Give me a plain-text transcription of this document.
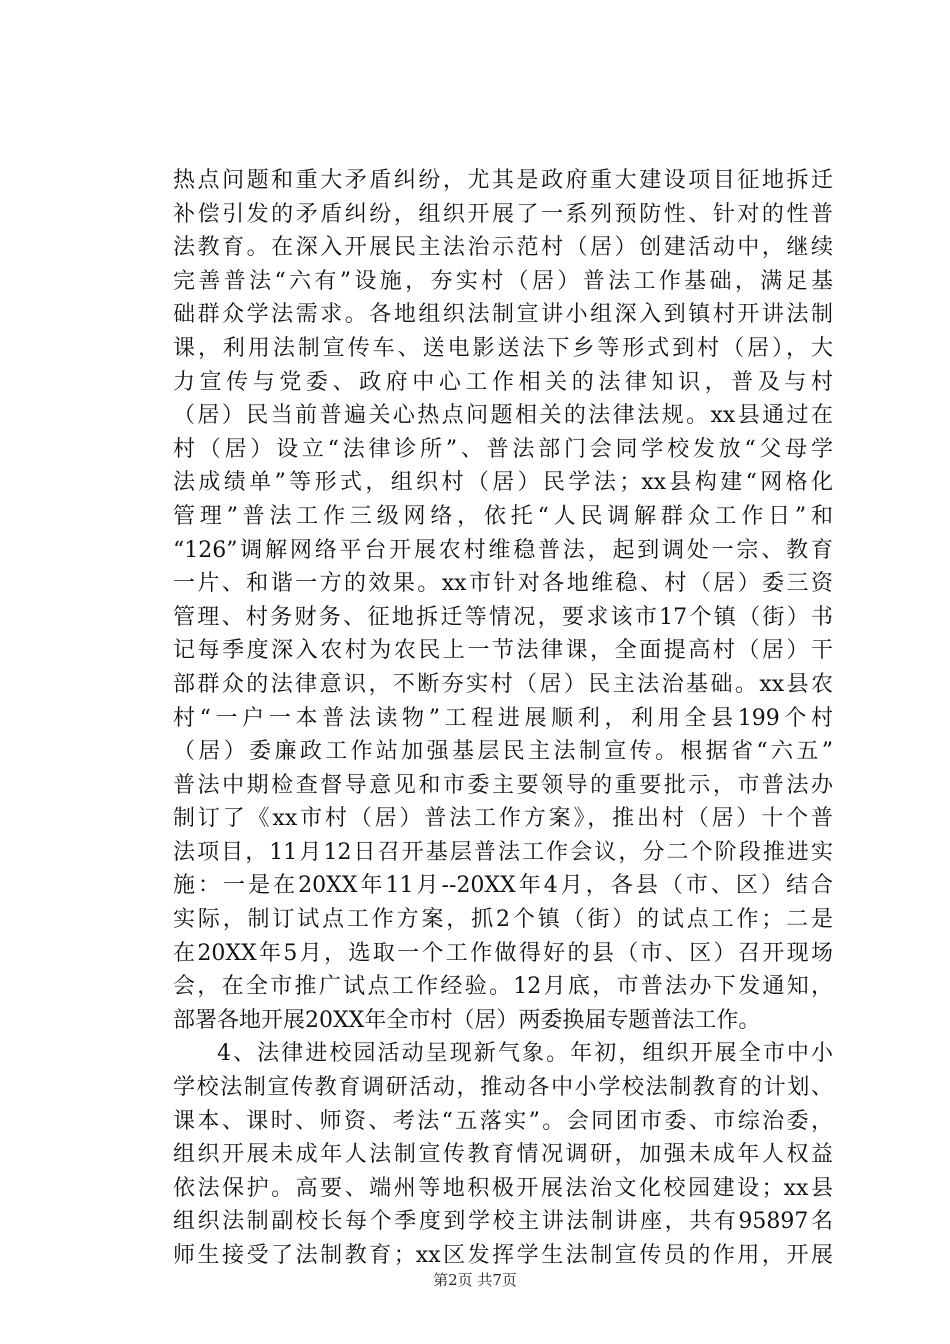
热点问题和重大矛盾纠纷，尤其是政府重大建设项目征地拆迁
补偿引发的矛盾纠纷，组织开展了一系列预防性、针对的性普
法教育。在深入开展民主法治示范村（居）创建活动中，继续
完善普法“六有”设施，夯实村（居）普法工作基础，满足基
础群众学法需求。各地组织法制宣讲小组深入到镇村开讲法制
课，利用法制宣传车、送电影送法下乡等形式到村（居），大
力宣传与党委、政府中心工作相关的法律知识，普及与村
（居）民当前普遍关心热点问题相关的法律法规。xx县通过在
村（居）设立“法律诊所”、普法部门会同学校发放“父母学
法成绩单”等形式，组织村（居）民学法；xx县构建“网格化
管理”普法工作三级网络，依托“人民调解群众工作日”和
“126”调解网络平台开展农村维稳普法，起到调处一宗、教育
一片、和谐一方的效果。xx市针对各地维稳、村（居）委三资
管理、村务财务、征地拆迁等情况，要求该市17个镇（街）书
记每季度深入农村为农民上一节法律课，全面提高村（居）干
部群众的法律意识，不断夯实村（居）民主法治基础。xx县农
村“一户一本普法读物”工程进展顺利，利用全县199个村
（居）委廉政工作站加强基层民主法制宣传。根据省“六五”
普法中期检查督导意见和市委主要领导的重要批示，市普法办
制订了《xx市村（居）普法工作方案》，推出村（居）十个普
法项目，11月12日召开基层普法工作会议，分二个阶段推进实
施：一是在20XX年11月--20XX年4月，各县（市、区）结合
实际，制订试点工作方案，抓2个镇（街）的试点工作；二是
在20XX年5月，选取一个工作做得好的县（市、区）召开现场
会，在全市推广试点工作经验。12月底，市普法办下发通知，
部署各地开展20XX年全市村（居）两委换届专题普法工作。
4、法律进校园活动呈现新气象。年初，组织开展全市中小
学校法制宣传教育调研活动，推动各中小学校法制教育的计划、
课本、课时、师资、考法“五落实”。会同团市委、市综治委，
组织开展未成年人法制宣传教育情况调研，加强未成年人权益
依法保护。高要、端州等地积极开展法治文化校园建设；xx县
组织法制副校长每个季度到学校主讲法制讲座，共有95897名
师生接受了法制教育；xx区发挥学生法制宣传员的作用，开展
第2页 共7页
